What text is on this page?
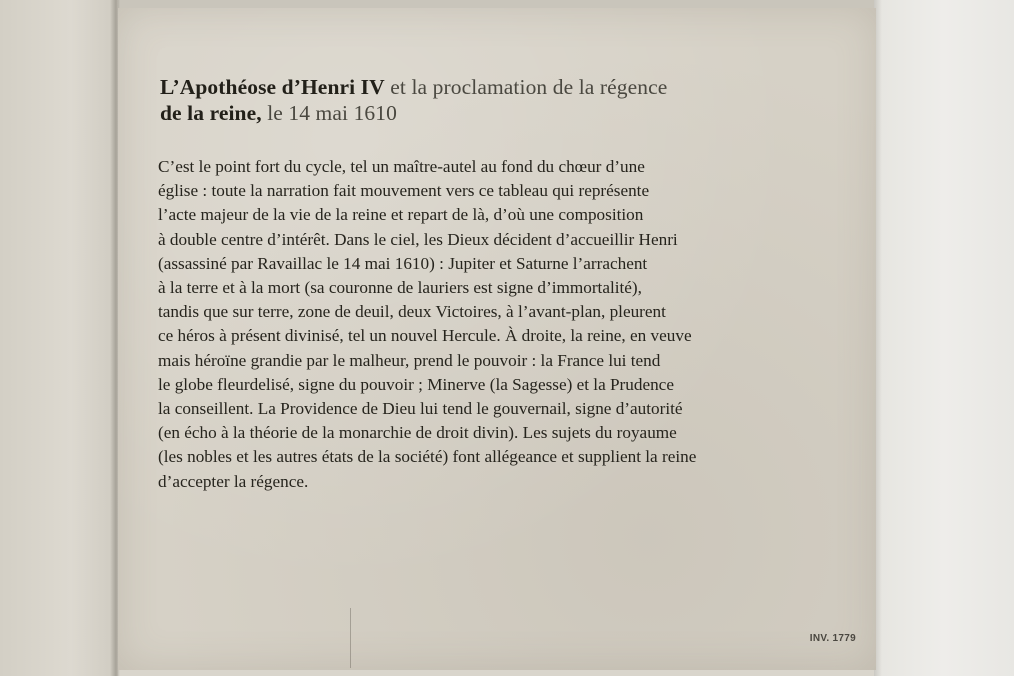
L’Apothéose d’Henri IV et la proclamation de la régence
de la reine, le 14 mai 1610
C’est le point fort du cycle, tel un maître-autel au fond du chœur d’une
église : toute la narration fait mouvement vers ce tableau qui représente
l’acte majeur de la vie de la reine et repart de là, d’où une composition
à double centre d’intérêt. Dans le ciel, les Dieux décident d’accueillir Henri
(assassiné par Ravaillac le 14 mai 1610) : Jupiter et Saturne l’arrachent
à la terre et à la mort (sa couronne de lauriers est signe d’immortalité),
tandis que sur terre, zone de deuil, deux Victoires, à l’avant-plan, pleurent
ce héros à présent divinisé, tel un nouvel Hercule. À droite, la reine, en veuve
mais héroïne grandie par le malheur, prend le pouvoir : la France lui tend
le globe fleurdelisé, signe du pouvoir ; Minerve (la Sagesse) et la Prudence
la conseillent. La Providence de Dieu lui tend le gouvernail, signe d’autorité
(en écho à la théorie de la monarchie de droit divin). Les sujets du royaume
(les nobles et les autres états de la société) font allégeance et supplient la reine
d’accepter la régence.
INV. 1779
